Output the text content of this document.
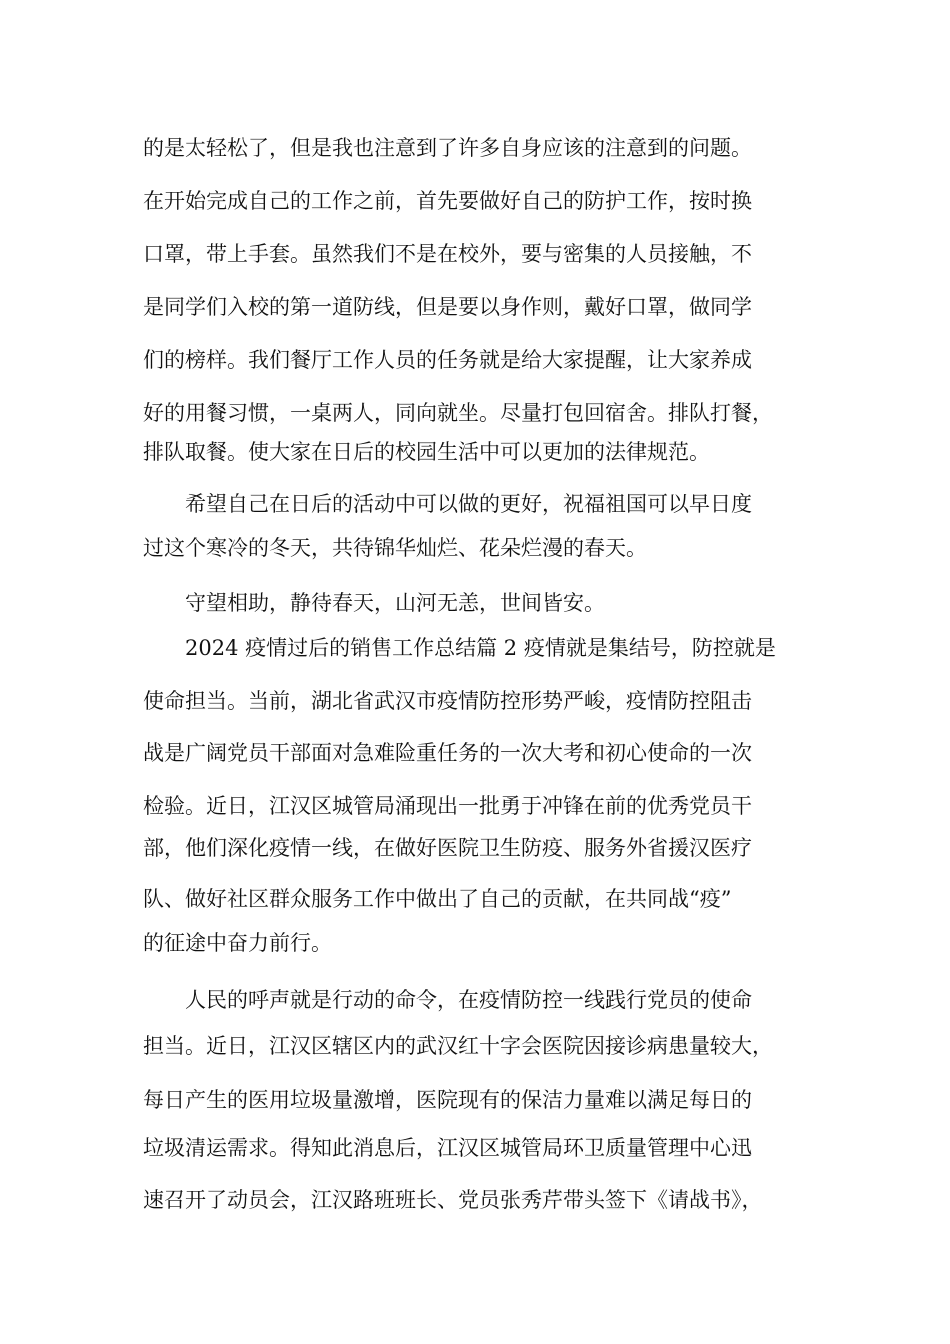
的是太轻松了，但是我也注意到了许多自身应该的注意到的问题。
在开始完成自己的工作之前，首先要做好自己的防护工作，按时换
口罩，带上手套。虽然我们不是在校外，要与密集的人员接触，不
是同学们入校的第一道防线，但是要以身作则，戴好口罩，做同学
们的榜样。我们餐厅工作人员的任务就是给大家提醒，让大家养成
好的用餐习惯，一桌两人，同向就坐。尽量打包回宿舍。排队打餐，
排队取餐。使大家在日后的校园生活中可以更加的法律规范。
希望自己在日后的活动中可以做的更好，祝福祖国可以早日度
过这个寒冷的冬天，共待锦华灿烂、花朵烂漫的春天。
守望相助，静待春天，山河无恙，世间皆安。
2024 疫情过后的销售工作总结篇 2 疫情就是集结号，防控就是
使命担当。当前，湖北省武汉市疫情防控形势严峻，疫情防控阻击
战是广阔党员干部面对急难险重任务的一次大考和初心使命的一次
检验。近日，江汉区城管局涌现出一批勇于冲锋在前的优秀党员干
部，他们深化疫情一线，在做好医院卫生防疫、服务外省援汉医疗
队、做好社区群众服务工作中做出了自己的贡献，在共同战“疫”
的征途中奋力前行。
人民的呼声就是行动的命令，在疫情防控一线践行党员的使命
担当。近日，江汉区辖区内的武汉红十字会医院因接诊病患量较大，
每日产生的医用垃圾量激增，医院现有的保洁力量难以满足每日的
垃圾清运需求。得知此消息后，江汉区城管局环卫质量管理中心迅
速召开了动员会，江汉路班班长、党员张秀芹带头签下《请战书》，
